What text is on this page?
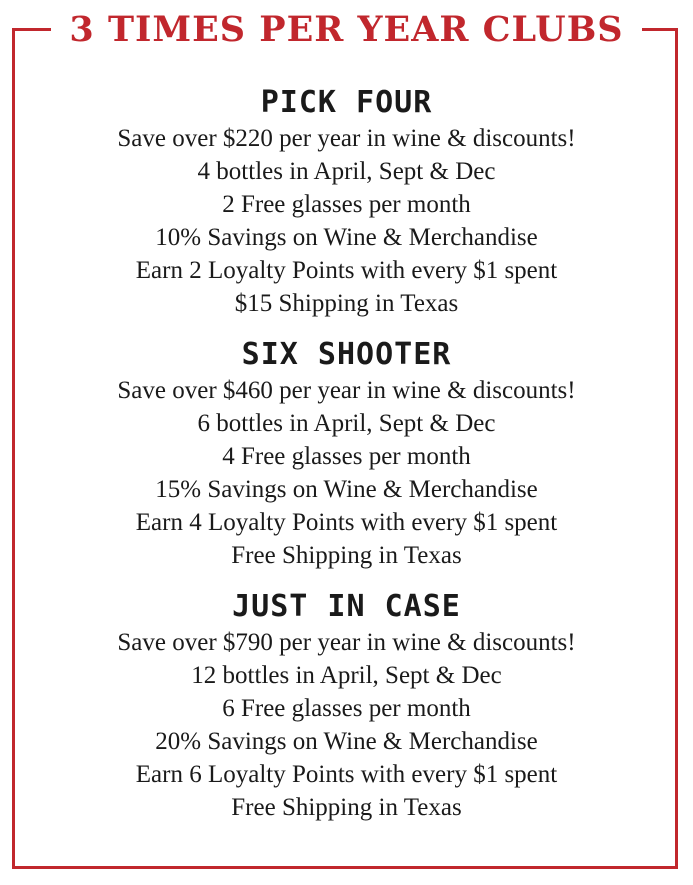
3 TIMES PER YEAR CLUBS
PICK FOUR
Save over $220 per year in wine & discounts!
4 bottles in April, Sept & Dec
2 Free glasses per month
10% Savings on Wine & Merchandise
Earn 2 Loyalty Points with every $1 spent
$15 Shipping in Texas
SIX SHOOTER
Save over $460 per year in wine & discounts!
6 bottles in April, Sept & Dec
4 Free glasses per month
15% Savings on Wine & Merchandise
Earn 4 Loyalty Points with every $1 spent
Free Shipping in Texas
JUST IN CASE
Save over $790 per year in wine & discounts!
12 bottles in April, Sept & Dec
6 Free glasses per month
20% Savings on Wine & Merchandise
Earn 6 Loyalty Points with every $1 spent
Free Shipping in Texas
